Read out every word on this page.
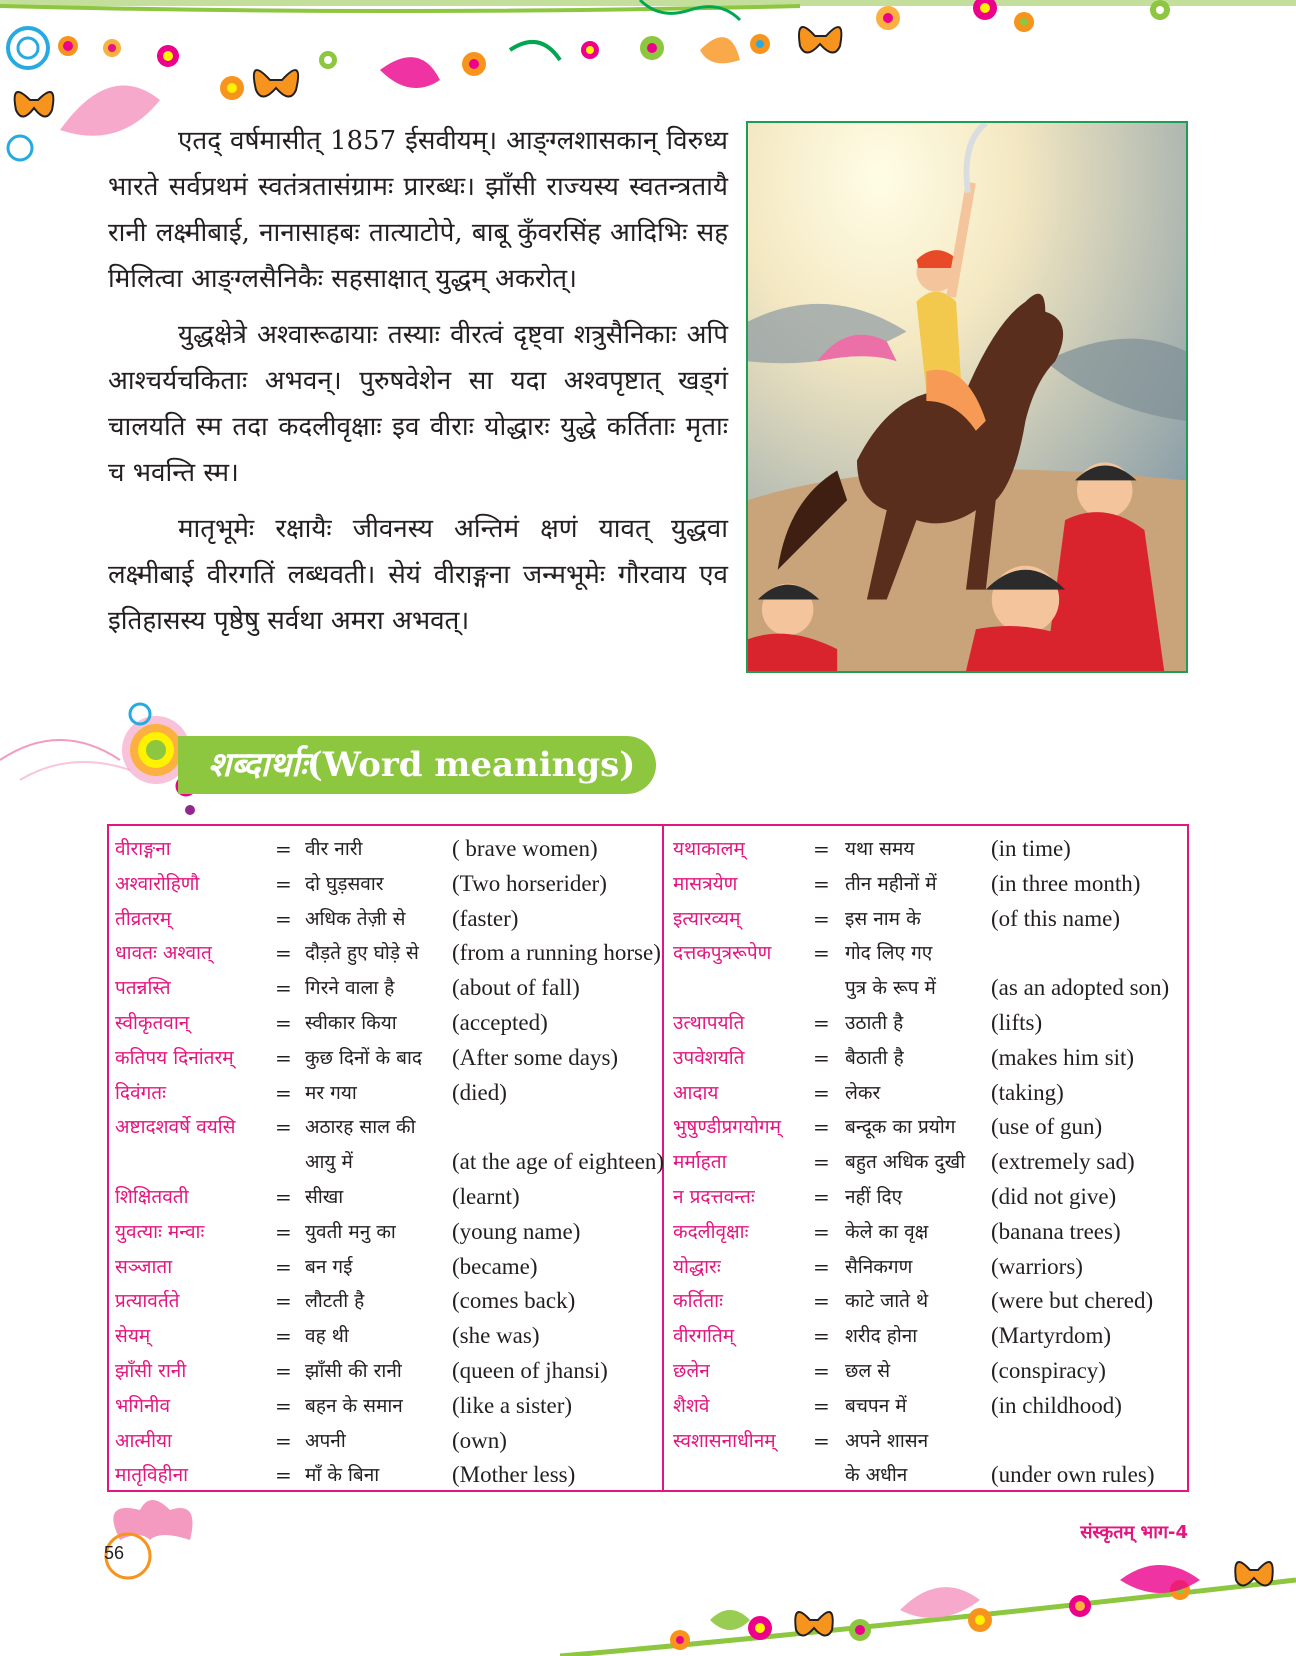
एतद् वर्षमासीत् 1857 ईसवीयम्। आङ्ग्लशासकान् विरुध्य भारते सर्वप्रथमं स्वतंत्रतासंग्रामः प्रारब्धः। झाँसी राज्यस्य स्वतन्त्रतायै रानी लक्ष्मीबाई, नानासाहबः तात्याटोपे, बाबू कुँवरसिंह आदिभिः सह मिलित्वा आङ्ग्लसैनिकैः सहसाक्षात् युद्धम् अकरोत्।

युद्धक्षेत्रे अश्वारूढायाः तस्याः वीरत्वं दृष्ट्वा शत्रुसैनिकाः अपि आश्चर्यचकिताः अभवन्। पुरुषवेशेन सा यदा अश्वपृष्टात् खड्गं चालयति स्म तदा कदलीवृक्षाः इव वीराः योद्धारः युद्धे कर्तिताः मृताः च भवन्ति स्म।

मातृभूमेः रक्षायैः जीवनस्य अन्तिमं क्षणं यावत् युद्धवा लक्ष्मीबाई वीरगतिं लब्धवती। सेयं वीराङ्गना जन्मभूमेः गौरवाय एव इतिहासस्य पृष्ठेषु सर्वथा अमरा अभवत्।

शब्दार्थाः(Word meanings)
वीराङ्गना	= वीर नारी	( brave women)
अश्वारोहिणौ	= दो घुड़सवार	(Two horserider)
तीव्रतरम्	= अधिक तेज़ी से (faster)
धावतः अश्वात्	= दौड़ते हुए घोड़े से (from a running horse)
पतन्नस्ति	= गिरने वाला है	(about of fall)
स्वीकृतवान्	= स्वीकार किया (accepted)
कतिपय दिनांतरम् = कुछ दिनों के बाद (After some days)
दिवंगतः	= मर गया	(died)
अष्टादशवर्षे वयसि = अठारह साल की
आयु में	(at the age of eighteen)
शिक्षितवती	= सीखा	(learnt)
युवत्याः मन्वाः	= युवती मनु का (young name)
सञ्जाता	= बन गई	(became)
प्रत्यावर्तते	= लौटती है	(comes back)
सेयम्	= वह थी	(she was)
झाँसी रानी	= झाँसी की रानी (queen of jhansi)
भगिनीव	= बहन के समान (like a sister)
आत्मीया	= अपनी	(own)
मातृविहीना	= माँ के बिना	(Mother less)
यथाकालम्	= यथा समय	(in time)
मासत्रयेण	= तीन महीनों में (in three month)
इत्यारव्यम्	= इस नाम के	(of this name)
दत्तकपुत्ररूपेण = गोद लिए गए
पुत्र के रूप में (as an adopted son)
उत्थापयति	= उठाती है	(lifts)
उपवेशयति	= बैठाती है	(makes him sit)
आदाय	= लेकर	(taking)
भुषुण्डीप्रगयोगम् = बन्दूक का प्रयोग (use of gun)
मर्माहता	= बहुत अधिक दुखी (extremely sad)
न प्रदत्तवन्तः	= नहीं दिए	(did not give)
कदलीवृक्षाः	= केले का वृक्ष	(banana trees)
योद्धारः	= सैनिकगण	(warriors)
कर्तिताः	= काटे जाते थे	(were but chered)
वीरगतिम्	= शरीद होना	(Martyrdom)
छलेन	= छल से	(conspiracy)
शैशवे	= बचपन में	(in childhood)
स्वशासनाधीनम् = अपने शासन
के अधीन	(under own rules)
56
संस्कृतम् भाग-4
